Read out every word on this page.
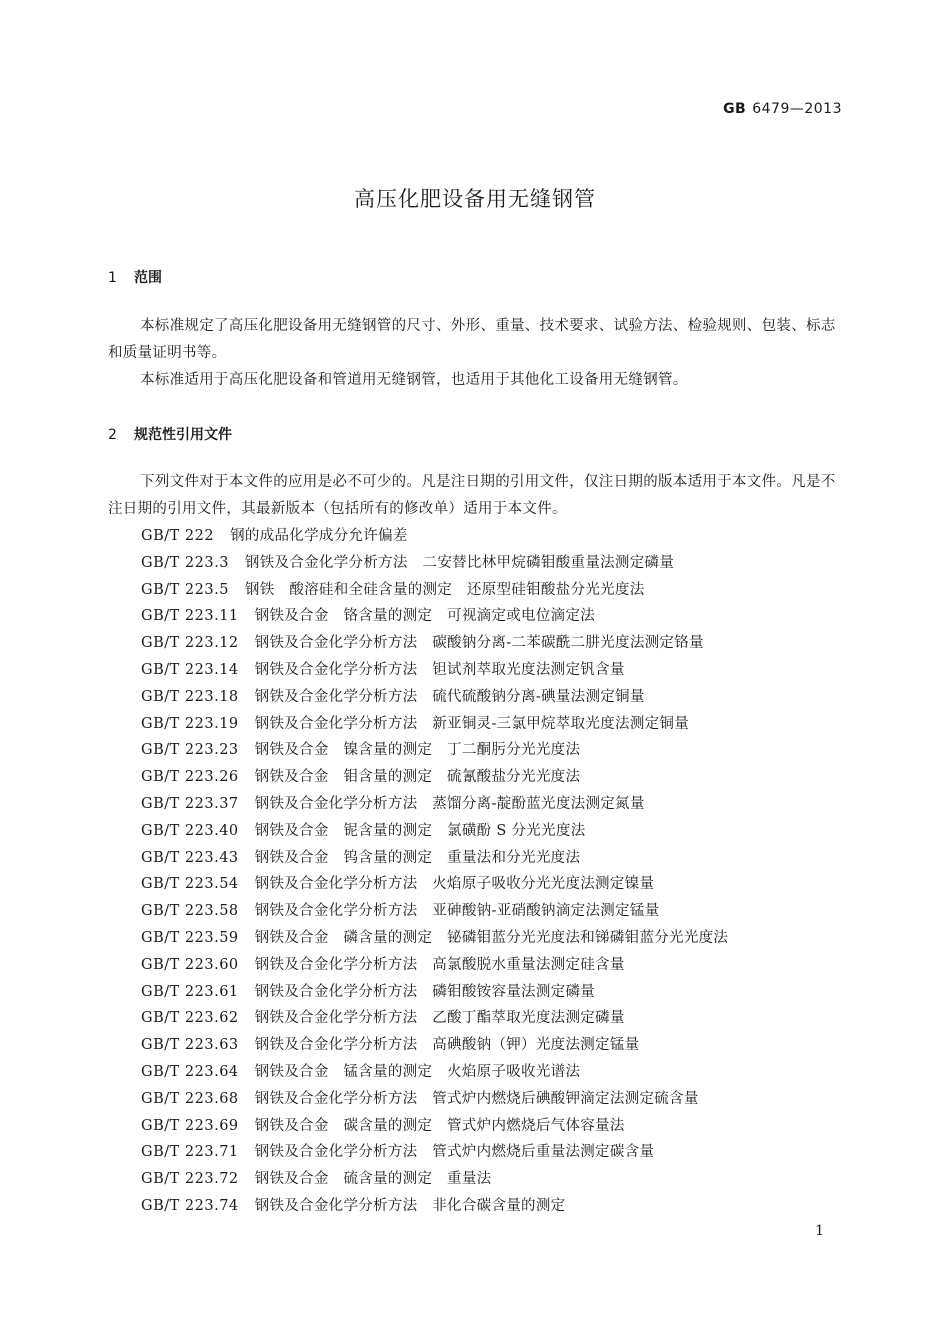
GB 6479—2013
高压化肥设备用无缝钢管
1 范围
本标准规定了高压化肥设备用无缝钢管的尺寸、外形、重量、技术要求、试验方法、检验规则、包装、标志和质量证明书等。
本标准适用于高压化肥设备和管道用无缝钢管，也适用于其他化工设备用无缝钢管。
2 规范性引用文件
下列文件对于本文件的应用是必不可少的。凡是注日期的引用文件，仅注日期的版本适用于本文件。凡是不注日期的引用文件，其最新版本（包括所有的修改单）适用于本文件。
GB/T 222 钢的成品化学成分允许偏差
GB/T 223.3 钢铁及合金化学分析方法　二安替比林甲烷磷钼酸重量法测定磷量
GB/T 223.5 钢铁　酸溶硅和全硅含量的测定　还原型硅钼酸盐分光光度法
GB/T 223.11 钢铁及合金　铬含量的测定　可视滴定或电位滴定法
GB/T 223.12 钢铁及合金化学分析方法　碳酸钠分离-二苯碳酰二肼光度法测定铬量
GB/T 223.14 钢铁及合金化学分析方法　钽试剂萃取光度法测定钒含量
GB/T 223.18 钢铁及合金化学分析方法　硫代硫酸钠分离-碘量法测定铜量
GB/T 223.19 钢铁及合金化学分析方法　新亚铜灵-三氯甲烷萃取光度法测定铜量
GB/T 223.23 钢铁及合金　镍含量的测定　丁二酮肟分光光度法
GB/T 223.26 钢铁及合金　钼含量的测定　硫氰酸盐分光光度法
GB/T 223.37 钢铁及合金化学分析方法　蒸馏分离-靛酚蓝光度法测定氮量
GB/T 223.40 钢铁及合金　铌含量的测定　氯磺酚 S 分光光度法
GB/T 223.43 钢铁及合金　钨含量的测定　重量法和分光光度法
GB/T 223.54 钢铁及合金化学分析方法　火焰原子吸收分光光度法测定镍量
GB/T 223.58 钢铁及合金化学分析方法　亚砷酸钠-亚硝酸钠滴定法测定锰量
GB/T 223.59 钢铁及合金　磷含量的测定　铋磷钼蓝分光光度法和锑磷钼蓝分光光度法
GB/T 223.60 钢铁及合金化学分析方法　高氯酸脱水重量法测定硅含量
GB/T 223.61 钢铁及合金化学分析方法　磷钼酸铵容量法测定磷量
GB/T 223.62 钢铁及合金化学分析方法　乙酸丁酯萃取光度法测定磷量
GB/T 223.63 钢铁及合金化学分析方法　高碘酸钠（钾）光度法测定锰量
GB/T 223.64 钢铁及合金　锰含量的测定　火焰原子吸收光谱法
GB/T 223.68 钢铁及合金化学分析方法　管式炉内燃烧后碘酸钾滴定法测定硫含量
GB/T 223.69 钢铁及合金　碳含量的测定　管式炉内燃烧后气体容量法
GB/T 223.71 钢铁及合金化学分析方法　管式炉内燃烧后重量法测定碳含量
GB/T 223.72 钢铁及合金　硫含量的测定　重量法
GB/T 223.74 钢铁及合金化学分析方法　非化合碳含量的测定
1
